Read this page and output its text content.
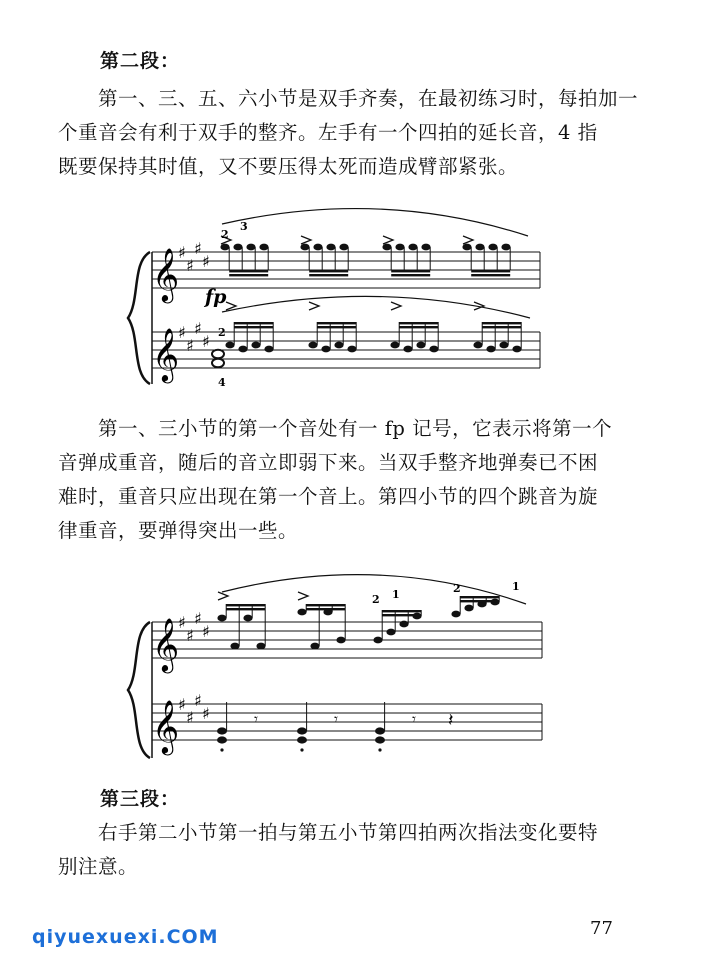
第二段：
第一、三、五、六小节是双手齐奏，在最初练习时，每拍加一
个重音会有利于双手的整齐。左手有一个四拍的延长音，4 指
既要保持其时值，又不要压得太死而造成臂部紧张。
𝄞
𝄞
♯
♯
♯
♯
♯
♯
♯
♯
fp
2
3
2
4
第一、三小节的第一个音处有一 fp 记号，它表示将第一个
音弹成重音，随后的音立即弱下来。当双手整齐地弹奏已不困
难时，重音只应出现在第一个音上。第四小节的四个跳音为旋
律重音，要弹得突出一些。
𝄞
𝄞
♯
♯
♯
♯
♯
♯
♯
♯	𝄾	𝄾	𝄾 𝄽
2 1	2	1
第三段：
右手第二小节第一拍与第五小节第四拍两次指法变化要特
别注意。
77
qiyuexuexi.COM
